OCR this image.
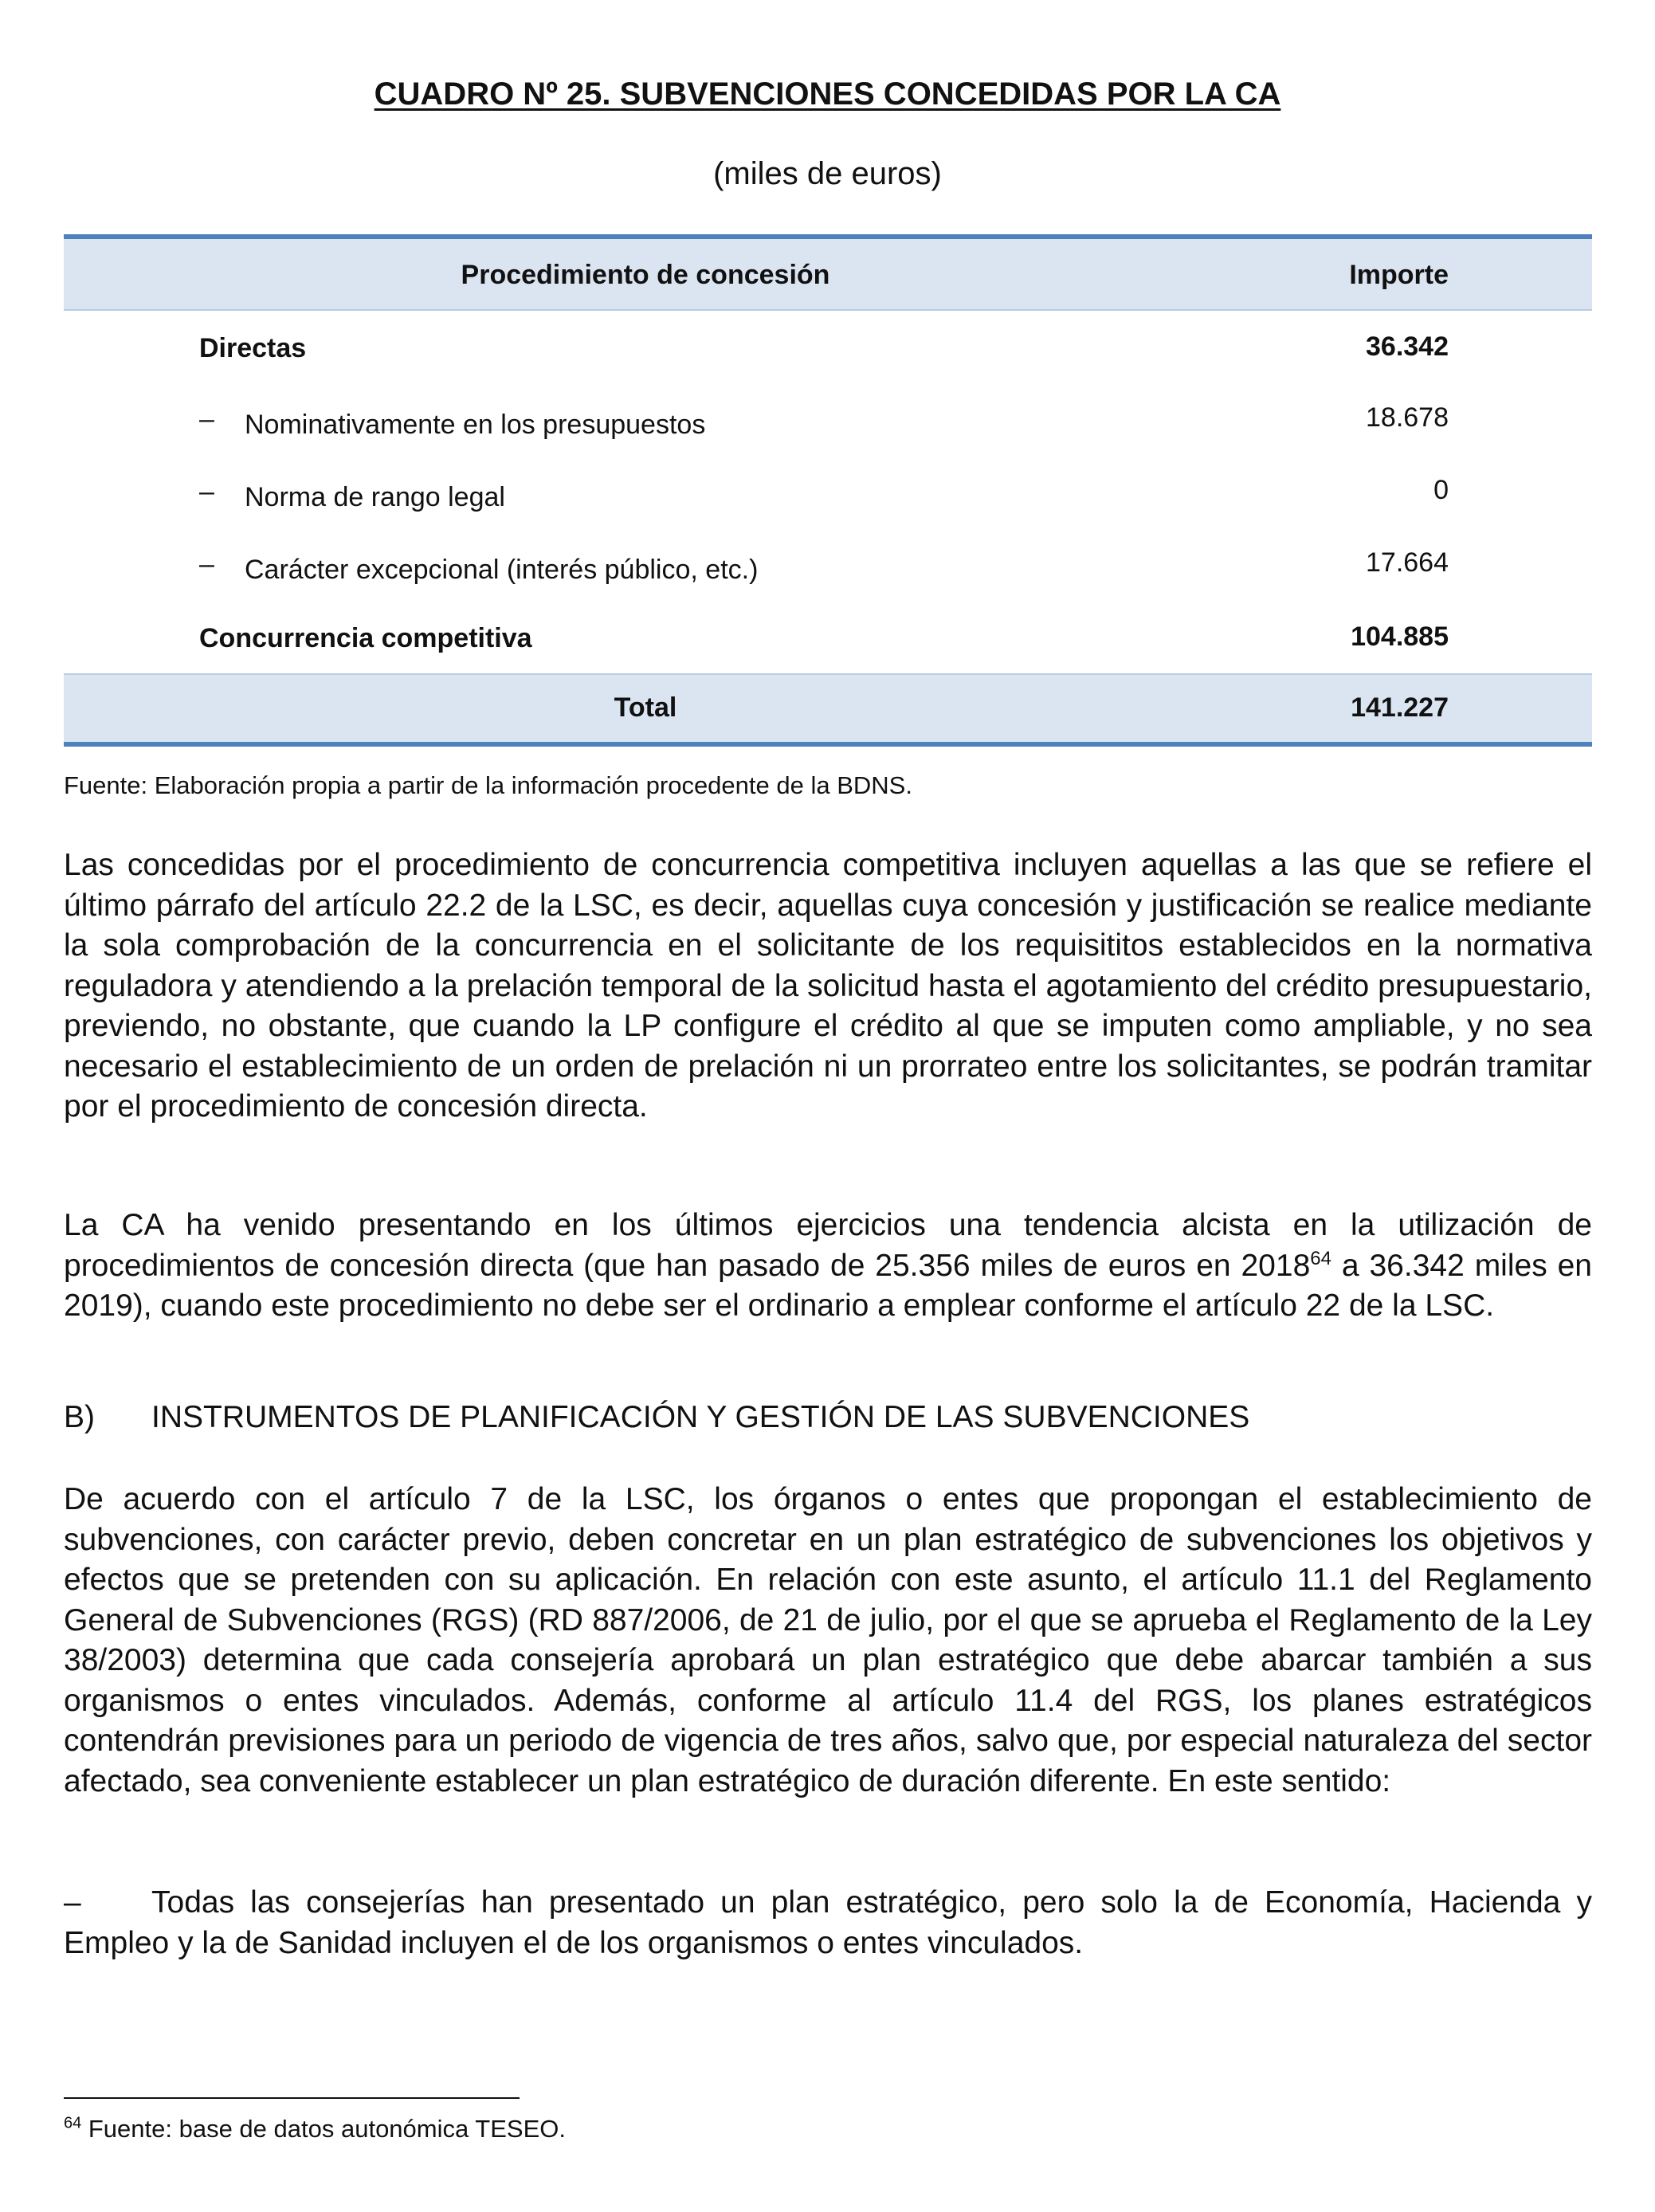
CUADRO Nº 25. SUBVENCIONES CONCEDIDAS POR LA CA
(miles de euros)
Procedimiento de concesión	Importe
Directas	36.342
– Nominativamente en los presupuestos	18.678
– Norma de rango legal	0
– Carácter excepcional (interés público, etc.)	17.664
Concurrencia competitiva	104.885
Total	141.227
Fuente: Elaboración propia a partir de la información procedente de la BDNS.

Las concedidas por el procedimiento de concurrencia competitiva incluyen aquellas a las que se refiere el último párrafo del artículo 22.2 de la LSC, es decir, aquellas cuya concesión y justificación se realice mediante la sola comprobación de la concurrencia en el solicitante de los requisititos establecidos en la normativa reguladora y atendiendo a la prelación temporal de la solicitud hasta el agotamiento del crédito presupuestario, previendo, no obstante, que cuando la LP configure el crédito al que se imputen como ampliable, y no sea necesario el establecimiento de un orden de prelación ni un prorrateo entre los solicitantes, se podrán tramitar por el procedimiento de concesión directa.

La CA ha venido presentando en los últimos ejercicios una tendencia alcista en la utilización de procedimientos de concesión directa (que han pasado de 25.356 miles de euros en 2018$^{64}$ a 36.342 miles en 2019), cuando este procedimiento no debe ser el ordinario a emplear conforme el artículo 22 de la LSC.

B) INSTRUMENTOS DE PLANIFICACIÓN Y GESTIÓN DE LAS SUBVENCIONES

De acuerdo con el artículo 7 de la LSC, los órganos o entes que propongan el establecimiento de subvenciones, con carácter previo, deben concretar en un plan estratégico de subvenciones los objetivos y efectos que se pretenden con su aplicación. En relación con este asunto, el artículo 11.1 del Reglamento General de Subvenciones (RGS) (RD 887/2006, de 21 de julio, por el que se aprueba el Reglamento de la Ley 38/2003) determina que cada consejería aprobará un plan estratégico que debe abarcar también a sus organismos o entes vinculados. Además, conforme al artículo 11.4 del RGS, los planes estratégicos contendrán previsiones para un periodo de vigencia de tres años, salvo que, por especial naturaleza del sector afectado, sea conveniente establecer un plan estratégico de duración diferente. En este sentido:

– Todas las consejerías han presentado un plan estratégico, pero solo la de Economía, Hacienda y Empleo y la de Sanidad incluyen el de los organismos o entes vinculados.

$^{64}$ Fuente: base de datos autonómica TESEO.
